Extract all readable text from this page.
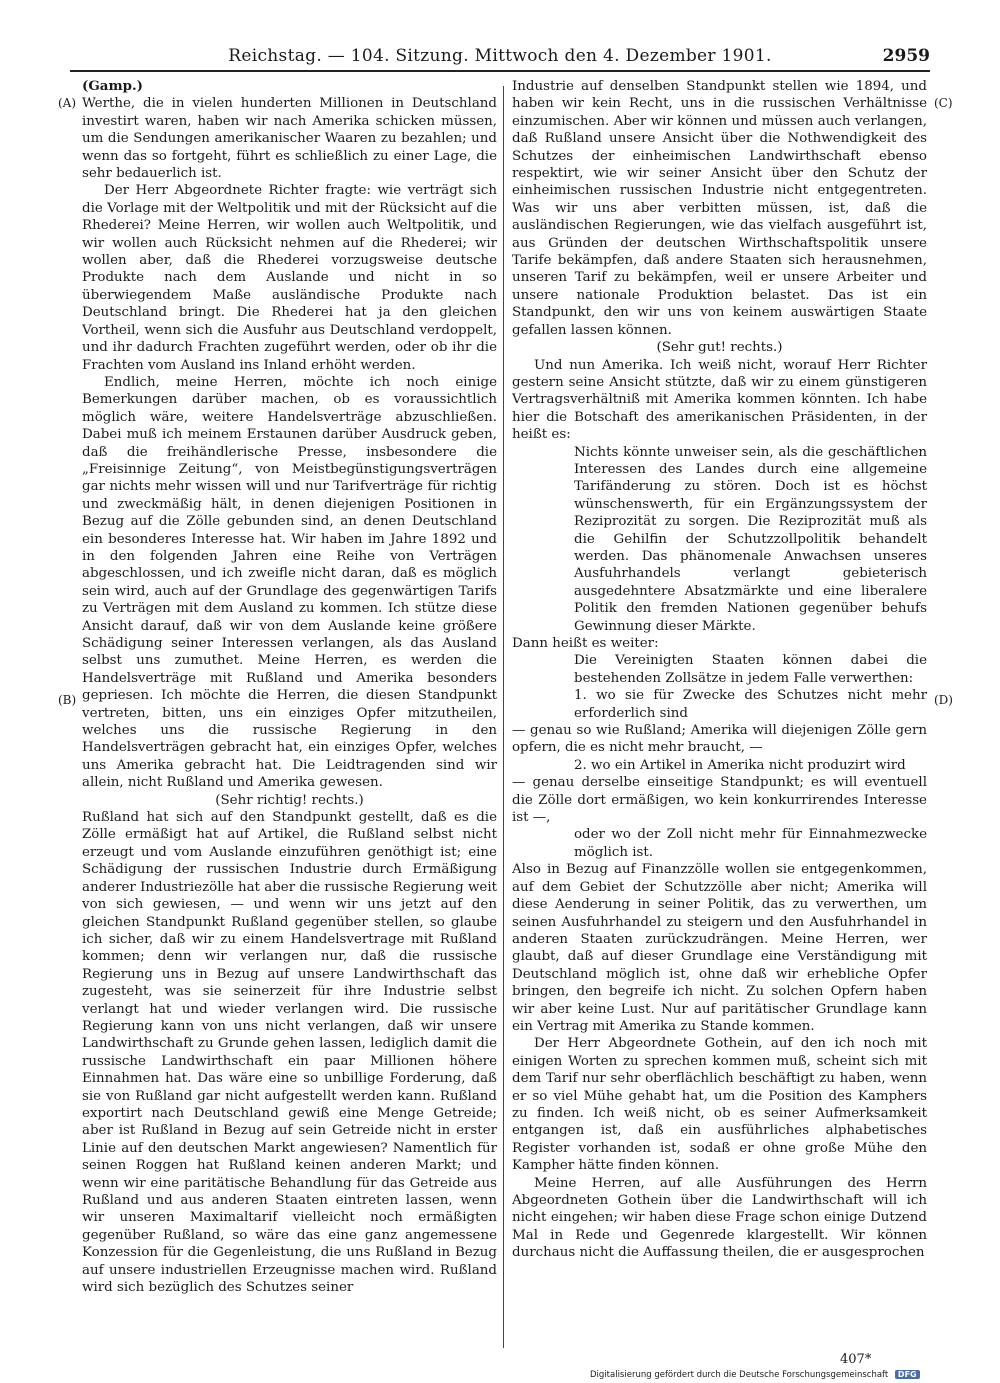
Reichstag. — 104. Sitzung. Mittwoch den 4. Dezember 1901.	2959
(A)
(B)
(C)
(D)

(Gamp.)

Werthe, die in vielen hunderten Millionen in Deutschland investirt waren, haben wir nach Amerika schicken müssen, um die Sendungen amerikanischer Waaren zu bezahlen; und wenn das so fortgeht, führt es schließlich zu einer Lage, die sehr bedauerlich ist.

Der Herr Abgeordnete Richter fragte: wie verträgt sich die Vorlage mit der Weltpolitik und mit der Rücksicht auf die Rhederei? Meine Herren, wir wollen auch Weltpolitik, und wir wollen auch Rücksicht nehmen auf die Rhederei; wir wollen aber, daß die Rhederei vorzugsweise deutsche Produkte nach dem Auslande und nicht in so überwiegendem Maße ausländische Produkte nach Deutschland bringt. Die Rhederei hat ja den gleichen Vortheil, wenn sich die Ausfuhr aus Deutschland verdoppelt, und ihr dadurch Frachten zugeführt werden, oder ob ihr die Frachten vom Ausland ins Inland erhöht werden.

Endlich, meine Herren, möchte ich noch einige Bemerkungen darüber machen, ob es voraussichtlich möglich wäre, weitere Handelsverträge abzuschließen. Dabei muß ich meinem Erstaunen darüber Ausdruck geben, daß die freihändlerische Presse, insbesondere die „Freisinnige Zeitung“, von Meistbegünstigungsverträgen gar nichts mehr wissen will und nur Tarifverträge für richtig und zweckmäßig hält, in denen diejenigen Positionen in Bezug auf die Zölle gebunden sind, an denen Deutschland ein besonderes Interesse hat. Wir haben im Jahre 1892 und in den folgenden Jahren eine Reihe von Verträgen abgeschlossen, und ich zweifle nicht daran, daß es möglich sein wird, auch auf der Grundlage des gegenwärtigen Tarifs zu Verträgen mit dem Ausland zu kommen. Ich stütze diese Ansicht darauf, daß wir von dem Auslande keine größere Schädigung seiner Interessen verlangen, als das Ausland selbst uns zumuthet. Meine Herren, es werden die Handelsverträge mit Rußland und Amerika besonders gepriesen. Ich möchte die Herren, die diesen Standpunkt vertreten, bitten, uns ein einziges Opfer mitzutheilen, welches uns die russische Regierung in den Handelsverträgen gebracht hat, ein einziges Opfer, welches uns Amerika gebracht hat. Die Leidtragenden sind wir allein, nicht Rußland und Amerika gewesen.

(Sehr richtig! rechts.)

Rußland hat sich auf den Standpunkt gestellt, daß es die Zölle ermäßigt hat auf Artikel, die Rußland selbst nicht erzeugt und vom Auslande einzuführen genöthigt ist; eine Schädigung der russischen Industrie durch Ermäßigung anderer Industriezölle hat aber die russische Regierung weit von sich gewiesen, — und wenn wir uns jetzt auf den gleichen Standpunkt Rußland gegenüber stellen, so glaube ich sicher, daß wir zu einem Handelsvertrage mit Rußland kommen; denn wir verlangen nur, daß die russische Regierung uns in Bezug auf unsere Landwirthschaft das zugesteht, was sie seinerzeit für ihre Industrie selbst verlangt hat und wieder verlangen wird. Die russische Regierung kann von uns nicht verlangen, daß wir unsere Landwirthschaft zu Grunde gehen lassen, lediglich damit die russische Landwirthschaft ein paar Millionen höhere Einnahmen hat. Das wäre eine so unbillige Forderung, daß sie von Rußland gar nicht aufgestellt werden kann. Rußland exportirt nach Deutschland gewiß eine Menge Getreide; aber ist Rußland in Bezug auf sein Getreide nicht in erster Linie auf den deutschen Markt angewiesen? Namentlich für seinen Roggen hat Rußland keinen anderen Markt; und wenn wir eine paritätische Behandlung für das Getreide aus Rußland und aus anderen Staaten eintreten lassen, wenn wir unseren Maximaltarif vielleicht noch ermäßigten gegenüber Rußland, so wäre das eine ganz angemessene Konzession für die Gegenleistung, die uns Rußland in Bezug auf unsere industriellen Erzeugnisse machen wird. Rußland wird sich bezüglich des Schutzes seiner

Industrie auf denselben Standpunkt stellen wie 1894, und haben wir kein Recht, uns in die russischen Verhältnisse einzumischen. Aber wir können und müssen auch verlangen, daß Rußland unsere Ansicht über die Nothwendigkeit des Schutzes der einheimischen Landwirthschaft ebenso respektirt, wie wir seiner Ansicht über den Schutz der einheimischen russischen Industrie nicht entgegentreten. Was wir uns aber verbitten müssen, ist, daß die ausländischen Regierungen, wie das vielfach ausgeführt ist, aus Gründen der deutschen Wirthschaftspolitik unsere Tarife bekämpfen, daß andere Staaten sich herausnehmen, unseren Tarif zu bekämpfen, weil er unsere Arbeiter und unsere nationale Produktion belastet. Das ist ein Standpunkt, den wir uns von keinem auswärtigen Staate gefallen lassen können.

(Sehr gut! rechts.)

Und nun Amerika. Ich weiß nicht, worauf Herr Richter gestern seine Ansicht stützte, daß wir zu einem günstigeren Vertragsverhältniß mit Amerika kommen könnten. Ich habe hier die Botschaft des amerikanischen Präsidenten, in der heißt es:

Nichts könnte unweiser sein, als die geschäftlichen Interessen des Landes durch eine allgemeine Tarifänderung zu stören. Doch ist es höchst wünschenswerth, für ein Ergänzungssystem der Reziprozität zu sorgen. Die Reziprozität muß als die Gehilfin der Schutzzollpolitik behandelt werden. Das phänomenale Anwachsen unseres Ausfuhrhandels verlangt gebieterisch ausgedehntere Absatzmärkte und eine liberalere Politik den fremden Nationen gegenüber behufs Gewinnung dieser Märkte.

Dann heißt es weiter:

Die Vereinigten Staaten können dabei die bestehenden Zollsätze in jedem Falle verwerthen:

1. wo sie für Zwecke des Schutzes nicht mehr erforderlich sind

— genau so wie Rußland; Amerika will diejenigen Zölle gern opfern, die es nicht mehr braucht, —

2. wo ein Artikel in Amerika nicht produzirt wird

— genau derselbe einseitige Standpunkt; es will eventuell die Zölle dort ermäßigen, wo kein konkurrirendes Interesse ist —,

oder wo der Zoll nicht mehr für Einnahmezwecke möglich ist.

Also in Bezug auf Finanzzölle wollen sie entgegenkommen, auf dem Gebiet der Schutzzölle aber nicht; Amerika will diese Aenderung in seiner Politik, das zu verwerthen, um seinen Ausfuhrhandel zu steigern und den Ausfuhrhandel in anderen Staaten zurückzudrängen. Meine Herren, wer glaubt, daß auf dieser Grundlage eine Verständigung mit Deutschland möglich ist, ohne daß wir erhebliche Opfer bringen, den begreife ich nicht. Zu solchen Opfern haben wir aber keine Lust. Nur auf paritätischer Grundlage kann ein Vertrag mit Amerika zu Stande kommen.

Der Herr Abgeordnete Gothein, auf den ich noch mit einigen Worten zu sprechen kommen muß, scheint sich mit dem Tarif nur sehr oberflächlich beschäftigt zu haben, wenn er so viel Mühe gehabt hat, um die Position des Kamphers zu finden. Ich weiß nicht, ob es seiner Aufmerksamkeit entgangen ist, daß ein ausführliches alphabetisches Register vorhanden ist, sodaß er ohne große Mühe den Kampher hätte finden können.

Meine Herren, auf alle Ausführungen des Herrn Abgeordneten Gothein über die Landwirthschaft will ich nicht eingehen; wir haben diese Frage schon einige Dutzend Mal in Rede und Gegenrede klargestellt. Wir können durchaus nicht die Auffassung theilen, die er ausgesprochen

407*
Digitalisierung gefördert durch die Deutsche Forschungsgemeinschaft DFG
